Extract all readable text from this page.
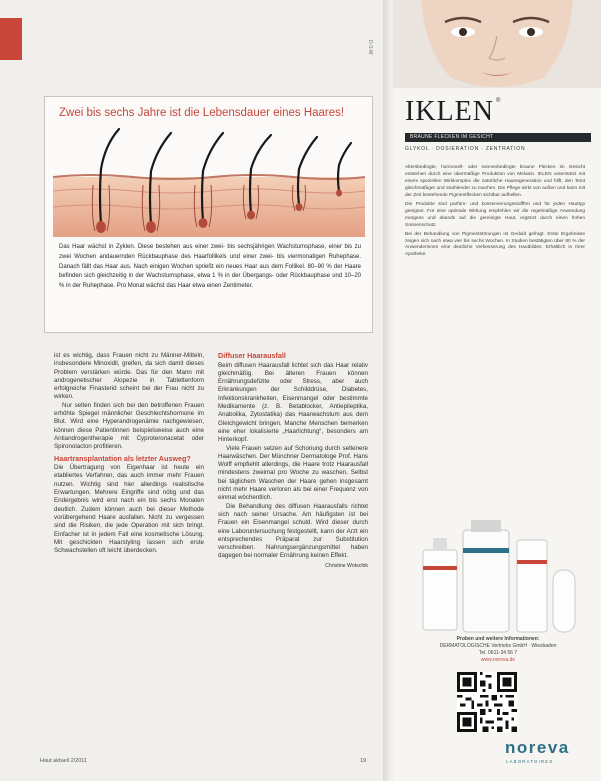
D-3-W
Zwei bis sechs Jahre ist die Lebensdauer eines Haares!
Das Haar wächst in Zyklen. Diese bestehen aus einer zwei- bis sechsjährigen Wachstumsphase, einer bis zu zwei Wochen andauernden Rückbauphase des Haarfollikels und einer zwei- bis viermonatigen Ruhephase. Danach fällt das Haar aus. Nach einigen Wochen sprießt ein neues Haar aus dem Follikel. 80–90 % der Haare befinden sich gleichzeitig in der Wachstumsphase, etwa 1 % in der Übergangs- oder Rückbauphase und 10–20 % in der Ruhephase. Pro Monat wächst das Haar etwa einen Zentimeter.

ist es wichtig, dass Frauen nicht zu Männer-Mitteln, insbesondere Minoxidil, greifen, da sich damit dieses Problem verstärken würde. Das für den Mann mit androgenetischer Alopezie in Tablettenform erfolgreiche Finasterid scheint bei der Frau nicht zu wirken.

Nur selten finden sich bei den betroffenen Frauen erhöhte Spiegel männlicher Geschlechtshormone im Blut. Wird eine Hyperandrogenämie nachgewiesen, können diese Patientinnen beispielsweise auch eine Antiandrogentherapie mit Cyproteronacetat oder Spironolacton profitieren.

Haartransplantation als letzter Ausweg?

Die Übertragung von Eigenhaar ist heute ein etabliertes Verfahren, das auch immer mehr Frauen nutzen. Wichtig sind hier allerdings realistische Erwartungen. Mehrere Eingriffe sind nötig und das Endergebnis wird erst nach ein bis sechs Monaten deutlich. Zudem können auch bei dieser Methode vorübergehend Haare ausfallen. Nicht zu vergessen sind die Risiken, die jede Operation mit sich bringt. Einfacher ist in jedem Fall eine kosmetische Lösung. Mit geschickten Haarstyling lassen sich erste Schwachstellen oft leicht überdecken.

Diffuser Haarausfall

Beim diffusen Haarausfall lichtet sich das Haar relativ gleichmäßig. Bei älteren Frauen können Ernährungsdefizite oder Stress, aber auch Erkrankungen der Schilddrüse, Diabetes, Infektionskrankheiten, Eisenmangel oder bestimmte Medikamente (z. B. Betablocker, Antiepileptika, Anabolika, Zytostatika) das Haarwachstum aus dem Gleichgewicht bringen. Manche Menschen bemerken eine eher lokalisierte „Haarlichtung“, besonders am Hinterkopf.

Viele Frauen setzen auf Schonung durch seltenere Haarwäschen. Der Münchner Dermatologe Prof. Hans Wolff empfiehlt allerdings, die Haare trotz Haarausfall mindestens zweimal pro Woche zu waschen. Selbst bei täglichem Waschen der Haare gehen insgesamt nicht mehr Haare verloren als bei einer Frequenz von einmal wöchentlich.

Die Behandlung des diffusen Haarausfalls richtet sich nach seiner Ursache. Am häufigsten ist bei Frauen ein Eisenmangel schuld. Wird dieser durch eine Laboruntersuchung festgestellt, kann der Arzt ein entsprechendes Präparat zur Substitution verschreiben. Nahrungsergänzungsmittel haben dagegen bei normaler Ernährung keinen Effekt.

Christine Wotschik
Haut aktuell 2/2011	19
IKLEN ®
BRAUNE FLECKEN IM GESICHT
GLYKOL · DOSIERATION · ZENTRATION

Altersbedingte, hormonell- oder sonnenbedingte braune Flecken im Gesicht entstehen durch eine übermäßige Produktion von Melanin. IKLEN unterstützt mit einem speziellen Wirkkomplex die natürliche Hautregeneration und hilft, den Teint gleichmäßiger und strahlender zu machen. Die Pflege wirkt von außen und kann mit der Zeit bestehende Pigmentflecken sichtbar aufhellen.

Die Produkte sind parfüm- und konservierungsstofffrei und für jeden Hauttyp geeignet. Für eine optimale Wirkung empfehlen wir die regelmäßige Anwendung morgens und abends auf die gereinigte Haut, ergänzt durch einen hohen Sonnenschutz.

Bei der Behandlung von Pigmentstörungen ist Geduld gefragt. Erste Ergebnisse zeigen sich nach etwa vier bis sechs Wochen. In Studien bestätigten über 80 % der Anwenderinnen eine deutliche Verbesserung des Hautbildes. Erhältlich in Ihrer Apotheke.

Proben und weitere Informationen:
DERMATOLOGISCHE Vertriebs GmbH · Wiesbaden
Tel. 0611-34 56 7
www.noreva.de
noreva
LABORATOIRES
